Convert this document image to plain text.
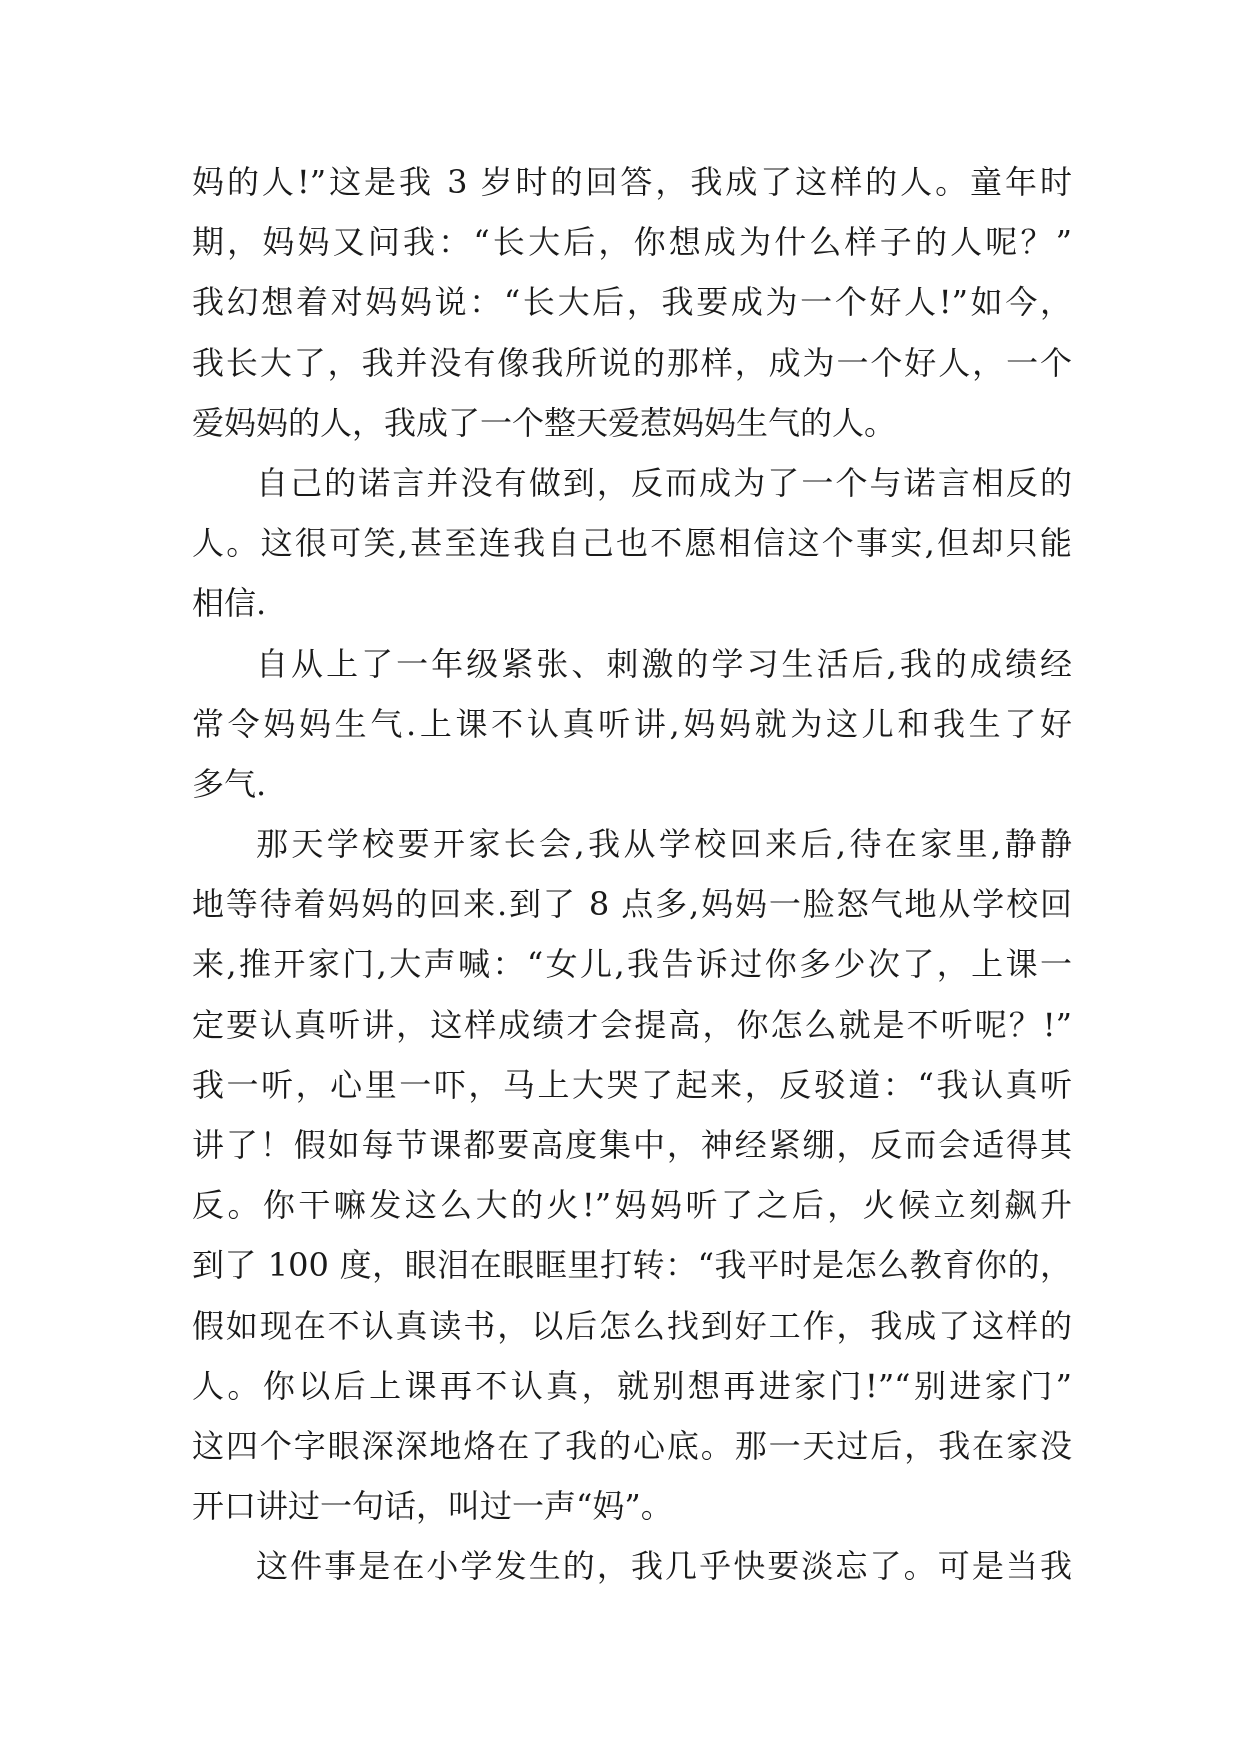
妈的人!”这是我 3 岁时的回答，我成了这样的人。童年时
期，妈妈又问我：“长大后，你想成为什么样子的人呢？”
我幻想着对妈妈说：“长大后，我要成为一个好人!”如今，
我长大了，我并没有像我所说的那样，成为一个好人，一个
爱妈妈的人，我成了一个整天爱惹妈妈生气的人。
自己的诺言并没有做到，反而成为了一个与诺言相反的
人。这很可笑,甚至连我自己也不愿相信这个事实,但却只能
相信.
自从上了一年级紧张、刺激的学习生活后,我的成绩经
常令妈妈生气.上课不认真听讲,妈妈就为这儿和我生了好
多气.
那天学校要开家长会,我从学校回来后,待在家里,静静
地等待着妈妈的回来.到了 8 点多,妈妈一脸怒气地从学校回
来,推开家门,大声喊：“女儿,我告诉过你多少次了，上课一
定要认真听讲，这样成绩才会提高，你怎么就是不听呢？!”
我一听，心里一吓，马上大哭了起来，反驳道：“我认真听
讲了！假如每节课都要高度集中，神经紧绷，反而会适得其
反。你干嘛发这么大的火!”妈妈听了之后，火候立刻飙升
到了 100 度，眼泪在眼眶里打转：“我平时是怎么教育你的，
假如现在不认真读书，以后怎么找到好工作，我成了这样的
人。你以后上课再不认真，就别想再进家门!”“别进家门”
这四个字眼深深地烙在了我的心底。那一天过后，我在家没
开口讲过一句话，叫过一声“妈”。
这件事是在小学发生的，我几乎快要淡忘了。可是当我
